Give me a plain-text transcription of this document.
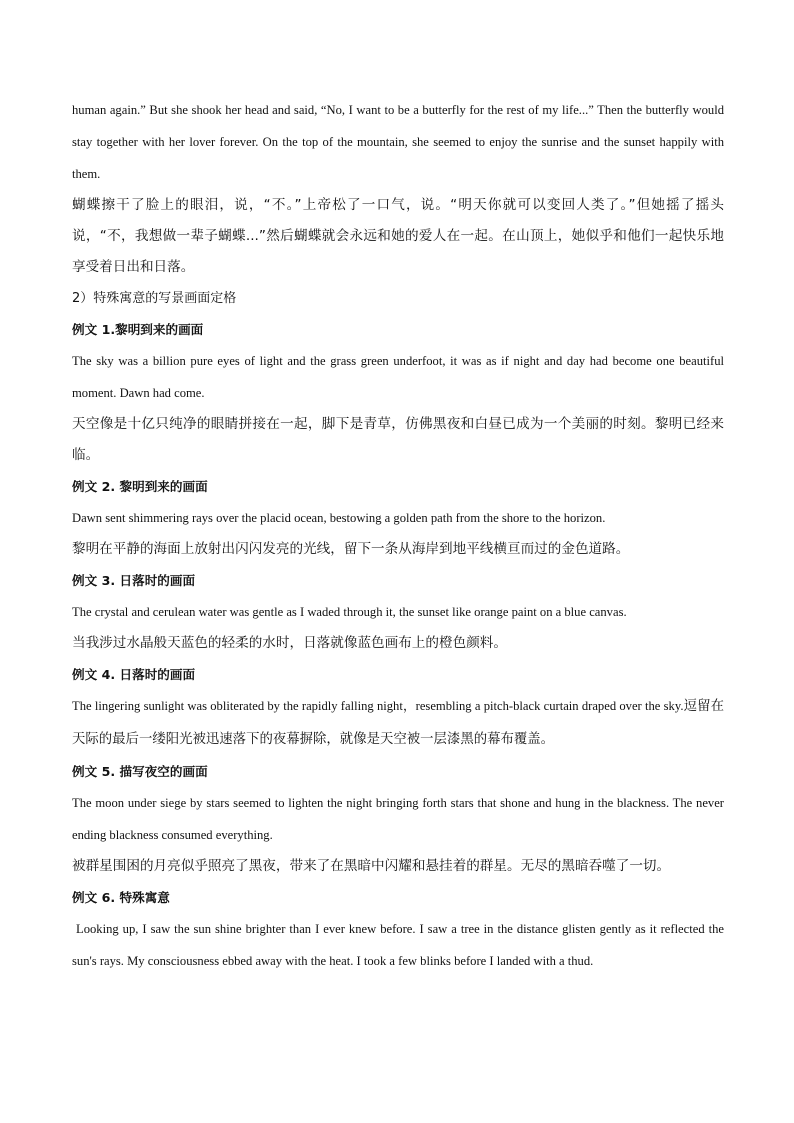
human again.” But she shook her head and said, “No, I want to be a butterfly for the rest of my life...” Then the butterfly would stay together with her lover forever. On the top of the mountain, she seemed to enjoy the sunrise and the sunset happily with them.

蝴蝶擦干了脸上的眼泪，说，“不。”上帝松了一口气，说。“明天你就可以变回人类了。”但她摇了摇头说，“不，我想做一辈子蝴蝶...”然后蝴蝶就会永远和她的爱人在一起。在山顶上，她似乎和他们一起快乐地享受着日出和日落。

2）特殊寓意的写景画面定格

例文 1.黎明到来的画面

The sky was a billion pure eyes of light and the grass green underfoot, it was as if night and day had become one beautiful moment. Dawn had come.

天空像是十亿只纯净的眼睛拼接在一起，脚下是青草，仿佛黑夜和白昼已成为一个美丽的时刻。黎明已经来临。

例文 2. 黎明到来的画面

Dawn sent shimmering rays over the placid ocean, bestowing a golden path from the shore to the horizon.

黎明在平静的海面上放射出闪闪发亮的光线，留下一条从海岸到地平线横亘而过的金色道路。

例文 3. 日落时的画面

The crystal and cerulean water was gentle as I waded through it, the sunset like orange paint on a blue canvas.

当我涉过水晶般天蓝色的轻柔的水时，日落就像蓝色画布上的橙色颜料。

例文 4. 日落时的画面

The lingering sunlight was obliterated by the rapidly falling night，resembling a pitch-black curtain draped over the sky.逗留在天际的最后一缕阳光被迅速落下的夜幕摒除，就像是天空被一层漆黑的幕布覆盖。

例文 5. 描写夜空的画面

The moon under siege by stars seemed to lighten the night bringing forth stars that shone and hung in the blackness. The never ending blackness consumed everything.

被群星围困的月亮似乎照亮了黑夜，带来了在黑暗中闪耀和悬挂着的群星。无尽的黑暗吞噬了一切。

例文 6. 特殊寓意

Looking up, I saw the sun shine brighter than I ever knew before. I saw a tree in the distance glisten gently as it reflected the sun's rays. My consciousness ebbed away with the heat. I took a few blinks before I landed with a thud.
